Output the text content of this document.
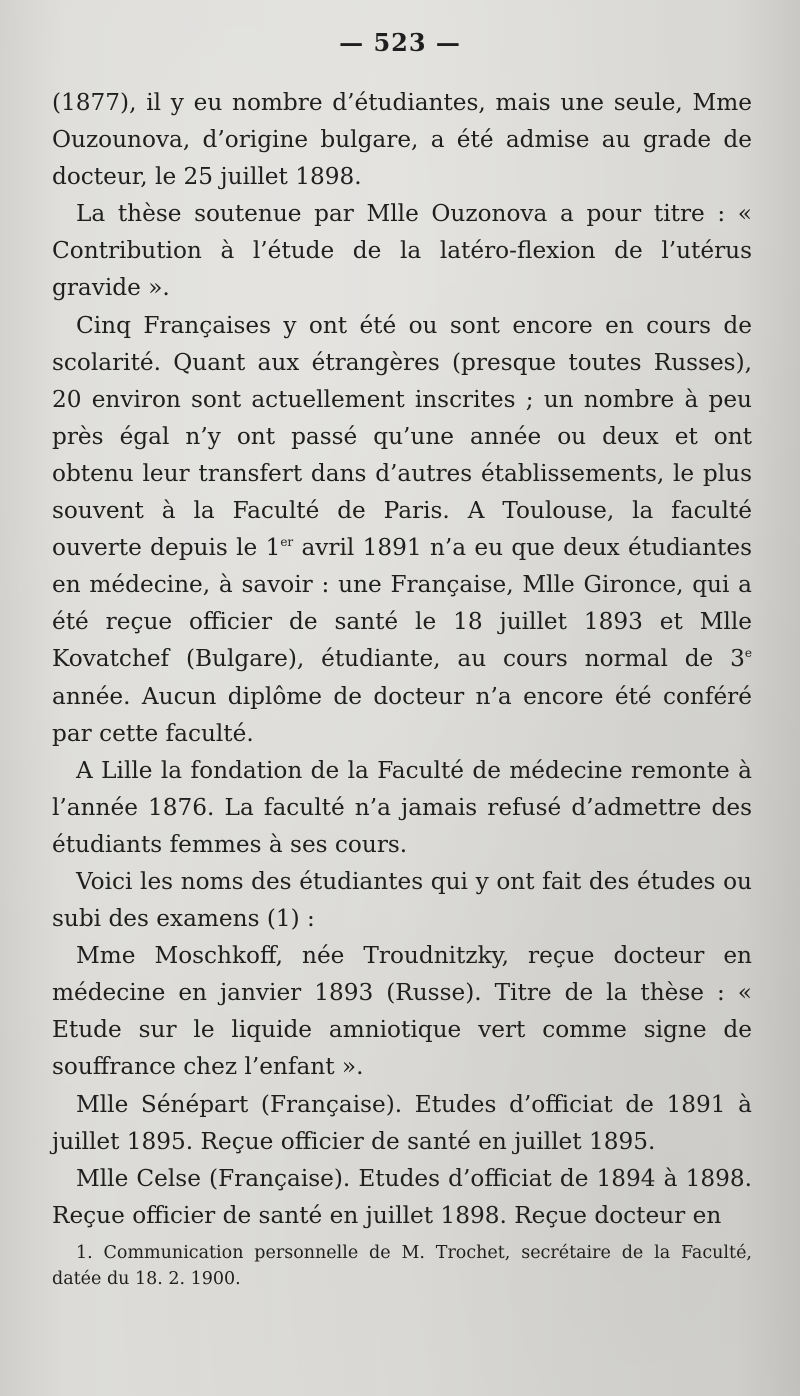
— 523 —

(1877), il y eu nombre d’étudiantes, mais une seule, Mme Ouzounova, d’origine bulgare, a été admise au grade de docteur, le 25 juillet 1898.

La thèse soutenue par Mlle Ouzonova a pour titre : « Contribution à l’étude de la latéro-flexion de l’utérus gravide ».

Cinq Françaises y ont été ou sont encore en cours de scolarité. Quant aux étrangères (presque toutes Russes), 20 environ sont actuellement inscrites ; un nombre à peu près égal n’y ont passé qu’une année ou deux et ont obtenu leur transfert dans d’autres établissements, le plus souvent à la Faculté de Paris. A Toulouse, la faculté ouverte depuis le 1er avril 1891 n’a eu que deux étudiantes en médecine, à savoir : une Française, Mlle Gironce, qui a été reçue officier de santé le 18 juillet 1893 et Mlle Kovatchef (Bulgare), étudiante, au cours normal de 3e année. Aucun diplôme de docteur n’a encore été conféré par cette faculté.

A Lille la fondation de la Faculté de médecine remonte à l’année 1876. La faculté n’a jamais refusé d’admettre des étudiants femmes à ses cours.

Voici les noms des étudiantes qui y ont fait des études ou subi des examens (1) :

Mme Moschkoff, née Troudnitzky, reçue docteur en médecine en janvier 1893 (Russe). Titre de la thèse : « Etude sur le liquide amniotique vert comme signe de souffrance chez l’enfant ».

Mlle Sénépart (Française). Etudes d’officiat de 1891 à juillet 1895. Reçue officier de santé en juillet 1895.

Mlle Celse (Française). Etudes d’officiat de 1894 à 1898. Reçue officier de santé en juillet 1898. Reçue docteur en

1. Communication personnelle de M. Trochet, secrétaire de la Faculté, datée du 18. 2. 1900.
